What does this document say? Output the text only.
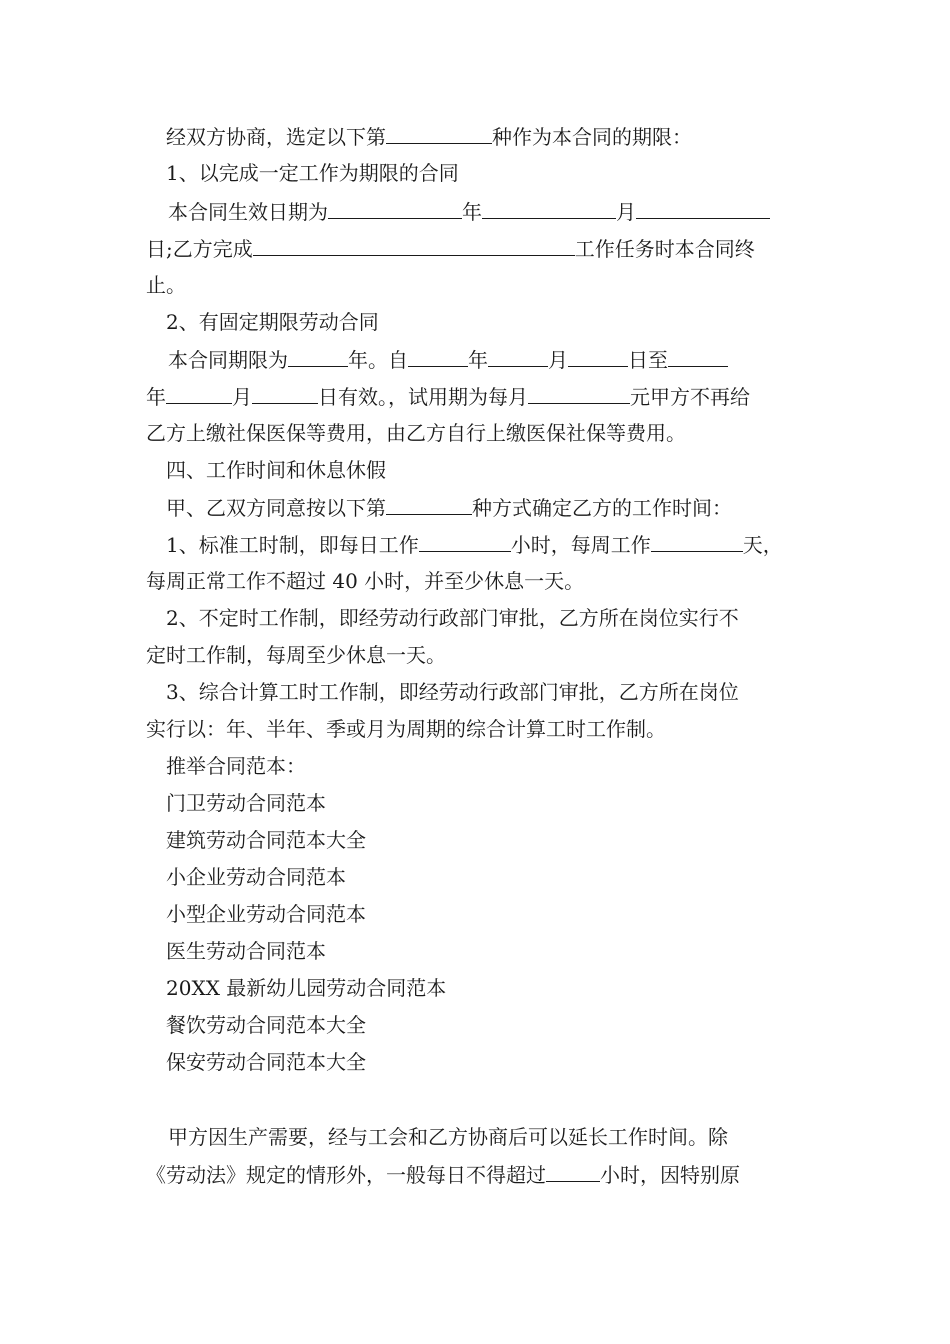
经双方协商，选定以下第	种作为本合同的期限：
1、以完成一定工作为期限的合同
本合同生效日期为	年	月
日;乙方完成	工作任务时本合同终
止。
2、有固定期限劳动合同
本合同期限为	年。自	年	月	日至
年	月	日有效。，试用期为每月	元甲方不再给
乙方上缴社保医保等费用，由乙方自行上缴医保社保等费用。
四、工作时间和休息休假
甲、乙双方同意按以下第	种方式确定乙方的工作时间：
1、标准工时制，即每日工作	小时，每周工作	天，
每周正常工作不超过 40 小时，并至少休息一天。
2、不定时工作制，即经劳动行政部门审批，乙方所在岗位实行不
定时工作制，每周至少休息一天。
3、综合计算工时工作制，即经劳动行政部门审批，乙方所在岗位
实行以：年、半年、季或月为周期的综合计算工时工作制。
推举合同范本：
门卫劳动合同范本
建筑劳动合同范本大全
小企业劳动合同范本
小型企业劳动合同范本
医生劳动合同范本
20XX 最新幼儿园劳动合同范本
餐饮劳动合同范本大全
保安劳动合同范本大全
甲方因生产需要，经与工会和乙方协商后可以延长工作时间。除
《劳动法》规定的情形外，一般每日不得超过	小时，因特别原
